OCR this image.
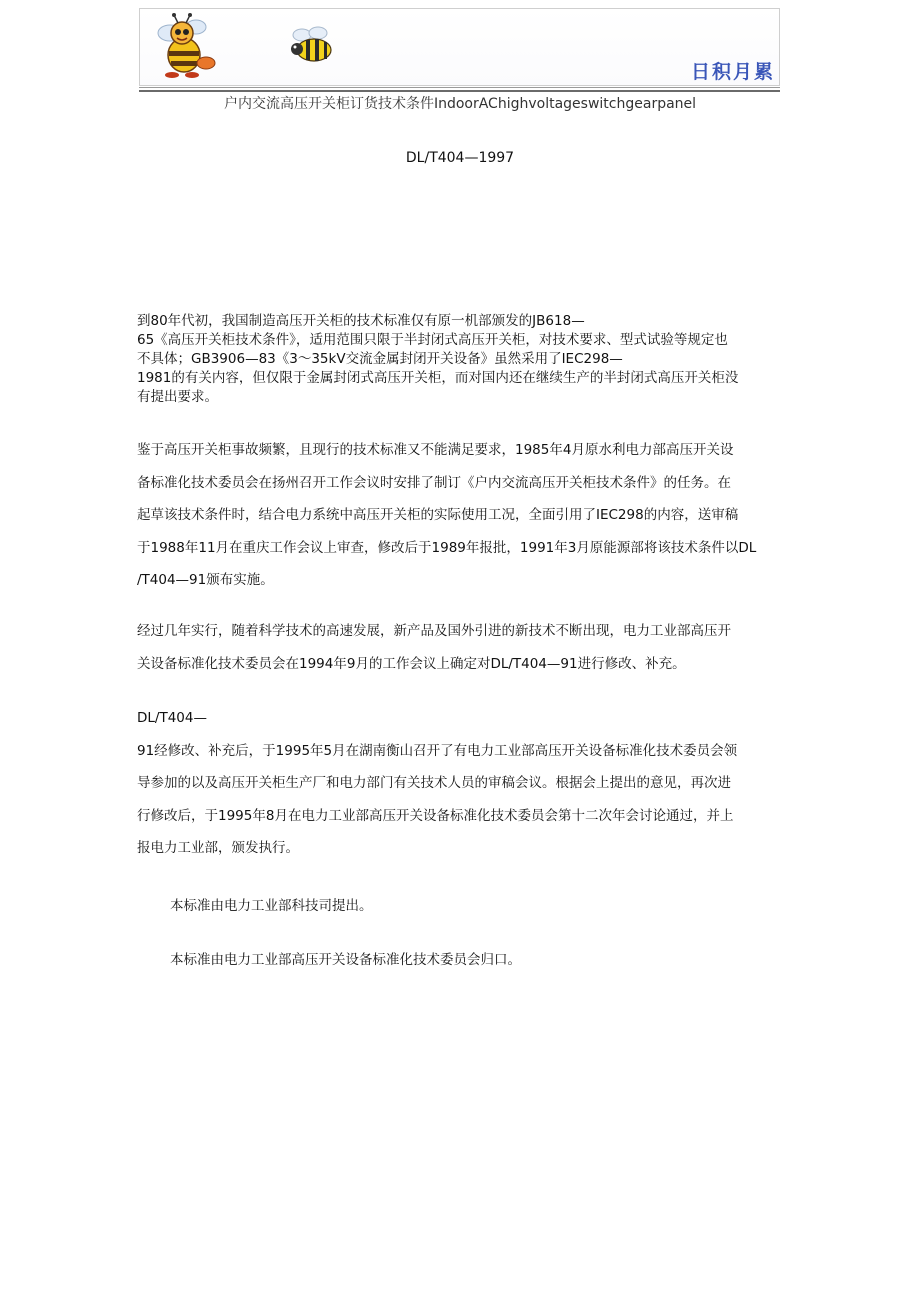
日积月累
户内交流高压开关柜订货技术条件IndoorAChighvoltageswitchgearpanel
DL/T404—1997
到80年代初，我国制造高压开关柜的技术标准仅有原一机部颁发的JB618—
65《高压开关柜技术条件》，适用范围只限于半封闭式高压开关柜，对技术要求、型式试验等规定也
不具体；GB3906—83《3～35kV交流金属封闭开关设备》虽然采用了IEC298—
1981的有关内容，但仅限于金属封闭式高压开关柜，而对国内还在继续生产的半封闭式高压开关柜没
有提出要求。
鉴于高压开关柜事故频繁，且现行的技术标准又不能满足要求，1985年4月原水利电力部高压开关设
备标准化技术委员会在扬州召开工作会议时安排了制订《户内交流高压开关柜技术条件》的任务。在
起草该技术条件时，结合电力系统中高压开关柜的实际使用工况，全面引用了IEC298的内容，送审稿
于1988年11月在重庆工作会议上审查，修改后于1989年报批，1991年3月原能源部将该技术条件以DL
/T404—91颁布实施。
经过几年实行，随着科学技术的高速发展，新产品及国外引进的新技术不断出现，电力工业部高压开
关设备标准化技术委员会在1994年9月的工作会议上确定对DL/T404—91进行修改、补充。
DL/T404—
91经修改、补充后，于1995年5月在湖南衡山召开了有电力工业部高压开关设备标准化技术委员会领
导参加的以及高压开关柜生产厂和电力部门有关技术人员的审稿会议。根据会上提出的意见，再次进
行修改后，于1995年8月在电力工业部高压开关设备标准化技术委员会第十二次年会讨论通过，并上
报电力工业部，颁发执行。
本标准由电力工业部科技司提出。
本标准由电力工业部高压开关设备标准化技术委员会归口。
